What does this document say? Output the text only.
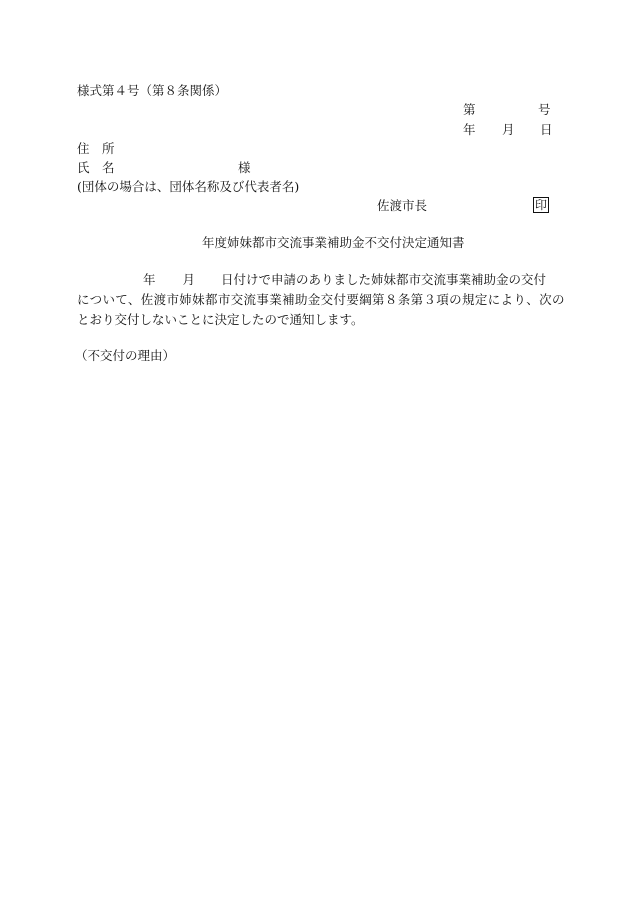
様式第４号（第８条関係）
第	号
年 月 日
住　所
氏　名	様
(団体の場合は、団体名称及び代表者名)
佐渡市長	印
年度姉妹都市交流事業補助金不交付決定通知書
年 月 日付けで申請のありました姉妹都市交流事業補助金の交付
について、佐渡市姉妹都市交流事業補助金交付要綱第８条第３項の規定により、次の
とおり交付しないことに決定したので通知します。
（不交付の理由）
